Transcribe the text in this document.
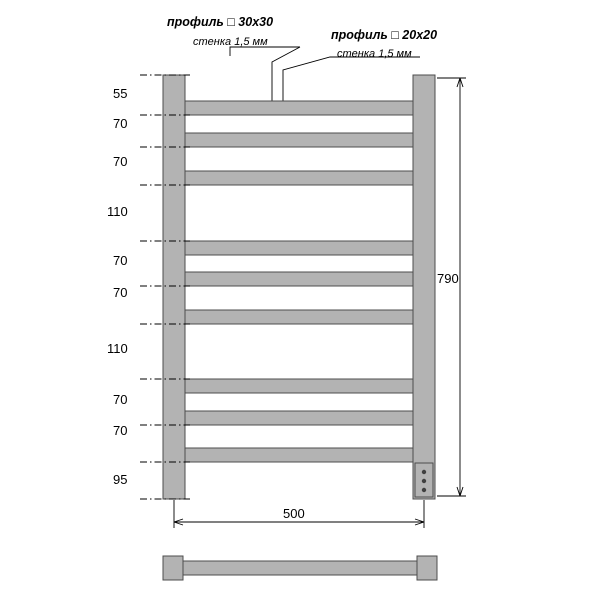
профиль □ 30х30
стенка 1,5 мм	профиль □ 20х20
стенка 1,5 мм
55
70
70
110
70
70
110
70
70
95
790
500
